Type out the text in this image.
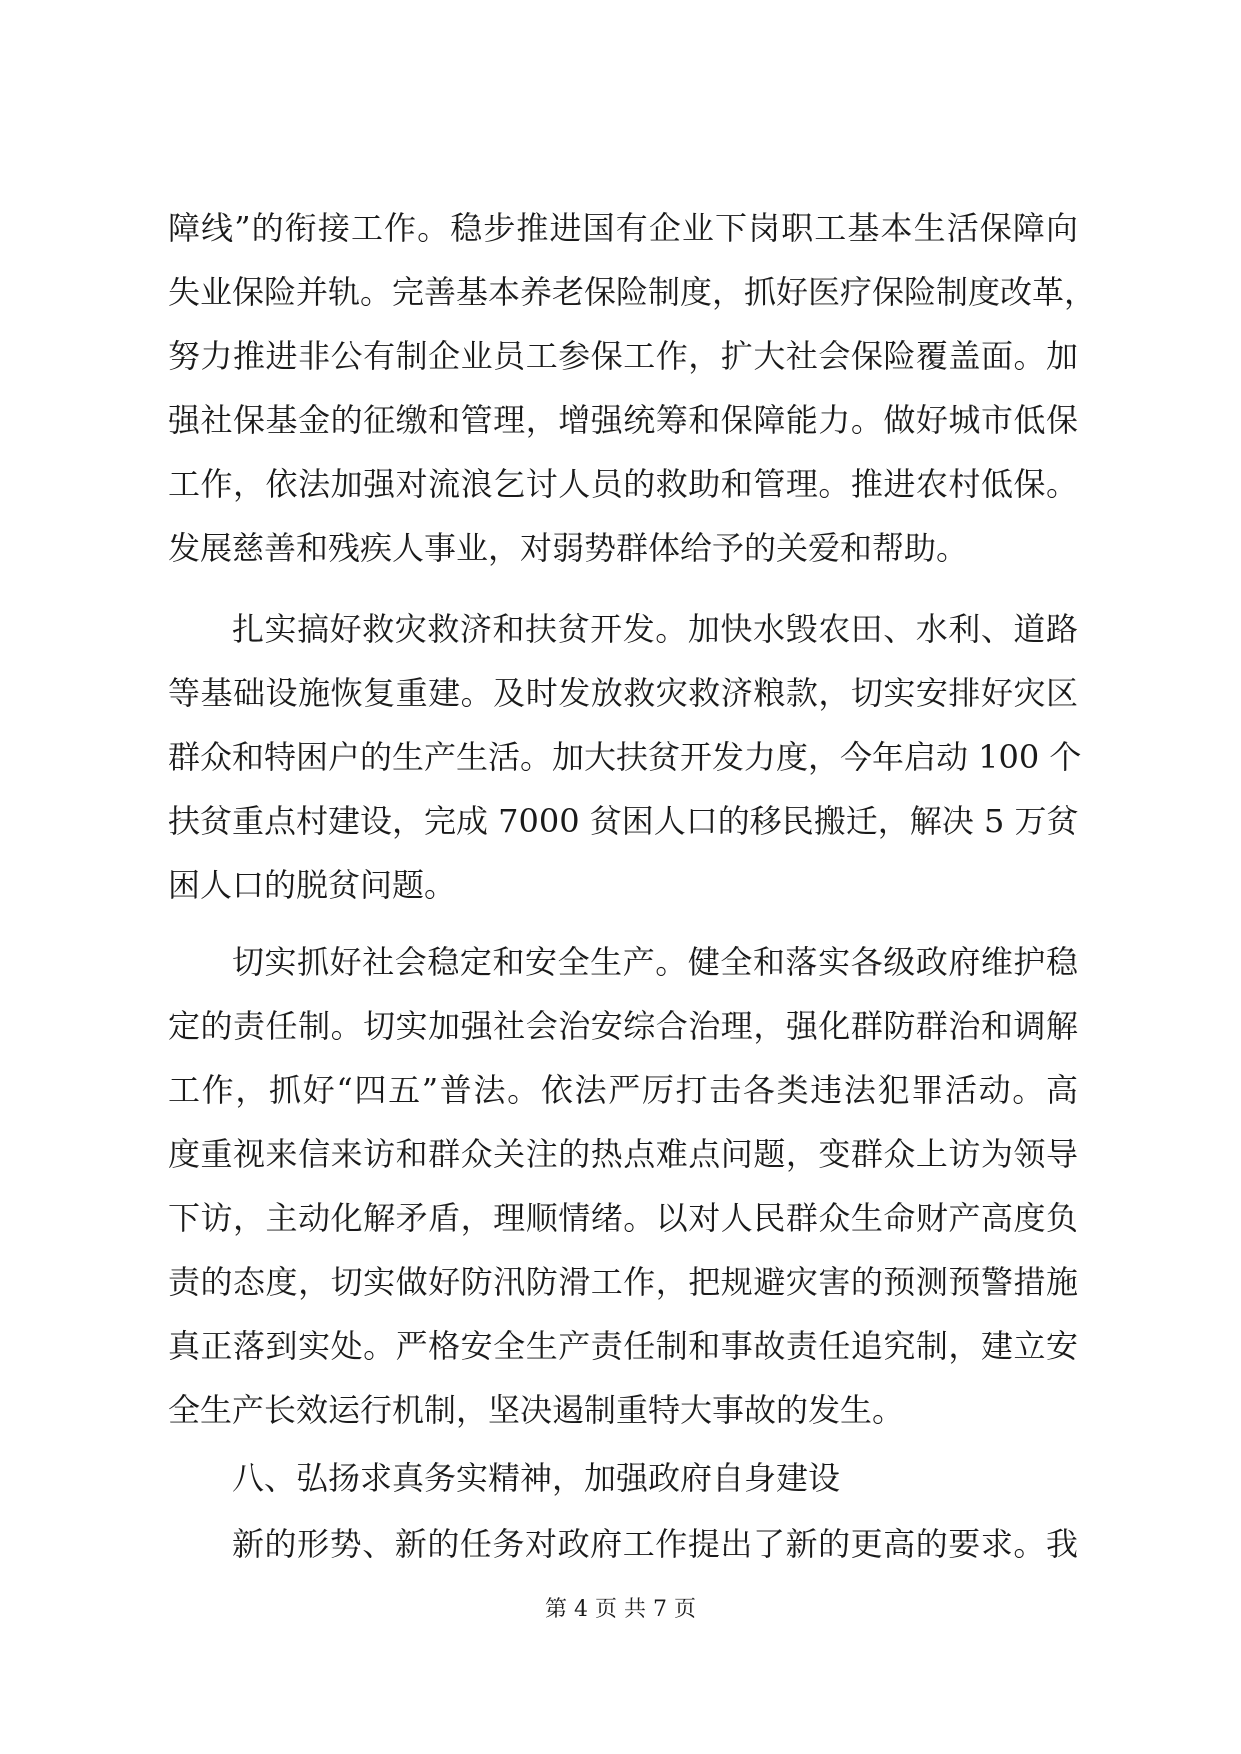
障线”的衔接工作。稳步推进国有企业下岗职工基本生活保障向
失业保险并轨。完善基本养老保险制度，抓好医疗保险制度改革，
努力推进非公有制企业员工参保工作，扩大社会保险覆盖面。加
强社保基金的征缴和管理，增强统筹和保障能力。做好城市低保
工作，依法加强对流浪乞讨人员的救助和管理。推进农村低保。
发展慈善和残疾人事业，对弱势群体给予的关爱和帮助。
扎实搞好救灾救济和扶贫开发。加快水毁农田、水利、道路
等基础设施恢复重建。及时发放救灾救济粮款，切实安排好灾区
群众和特困户的生产生活。加大扶贫开发力度，今年启动 100 个
扶贫重点村建设，完成 7000 贫困人口的移民搬迁，解决 5 万贫
困人口的脱贫问题。
切实抓好社会稳定和安全生产。健全和落实各级政府维护稳
定的责任制。切实加强社会治安综合治理，强化群防群治和调解
工作，抓好“四五”普法。依法严厉打击各类违法犯罪活动。高
度重视来信来访和群众关注的热点难点问题，变群众上访为领导
下访，主动化解矛盾，理顺情绪。以对人民群众生命财产高度负
责的态度，切实做好防汛防滑工作，把规避灾害的预测预警措施
真正落到实处。严格安全生产责任制和事故责任追究制，建立安
全生产长效运行机制，坚决遏制重特大事故的发生。
八、弘扬求真务实精神，加强政府自身建设
新的形势、新的任务对政府工作提出了新的更高的要求。我
第 4 页 共 7 页
